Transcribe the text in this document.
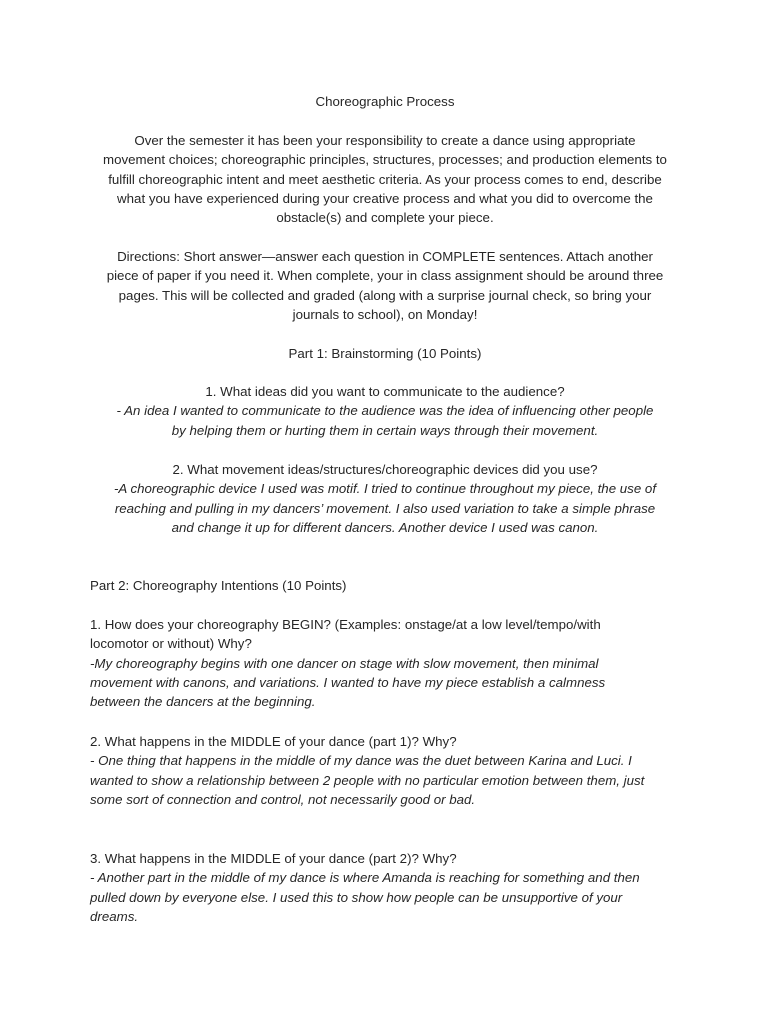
Choreographic Process
Over the semester it has been your responsibility to create a dance using appropriate
movement choices; choreographic principles, structures, processes; and production elements to
fulfill choreographic intent and meet aesthetic criteria. As your process comes to end, describe
what you have experienced during your creative process and what you did to overcome the
obstacle(s) and complete your piece.
Directions: Short answer—answer each question in COMPLETE sentences. Attach another
piece of paper if you need it. When complete, your in class assignment should be around three
pages. This will be collected and graded (along with a surprise journal check, so bring your
journals to school), on Monday!
Part 1: Brainstorming (10 Points)
1. What ideas did you want to communicate to the audience?
- An idea I wanted to communicate to the audience was the idea of influencing other people
by helping them or hurting them in certain ways through their movement.
2. What movement ideas/structures/choreographic devices did you use?
-A choreographic device I used was motif. I tried to continue throughout my piece, the use of
reaching and pulling in my dancers’ movement. I also used variation to take a simple phrase
and change it up for different dancers. Another device I used was canon.
Part 2: Choreography Intentions (10 Points)
1. How does your choreography BEGIN? (Examples: onstage/at a low level/tempo/with
locomotor or without) Why?
-My choreography begins with one dancer on stage with slow movement, then minimal
movement with canons, and variations. I wanted to have my piece establish a calmness
between the dancers at the beginning.
2. What happens in the MIDDLE of your dance (part 1)? Why?
- One thing that happens in the middle of my dance was the duet between Karina and Luci. I
wanted to show a relationship between 2 people with no particular emotion between them, just
some sort of connection and control, not necessarily good or bad.
3. What happens in the MIDDLE of your dance (part 2)? Why?
- Another part in the middle of my dance is where Amanda is reaching for something and then
pulled down by everyone else. I used this to show how people can be unsupportive of your
dreams.
